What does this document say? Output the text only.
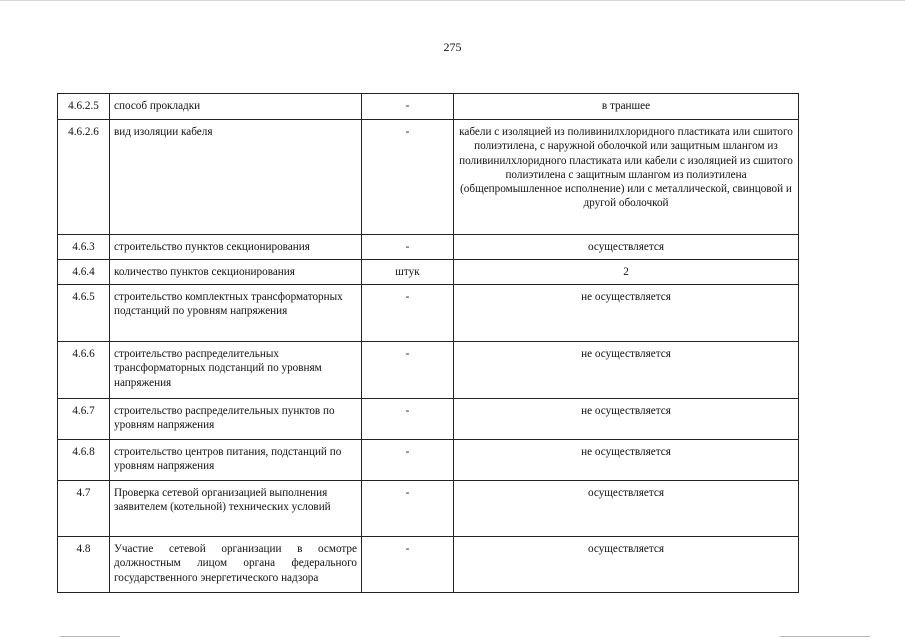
275
4.6.2.5	способ прокладки	-	в траншее
4.6.2.6	вид изоляции кабеля	-	кабели с изоляцией из поливинилхлоридного пластиката или сшитого полиэтилена, с наружной оболочкой или защитным шлангом из поливинилхлоридного пластиката или кабели с изоляцией из сшитого полиэтилена с защитным шлангом из полиэтилена (общепромышленное исполнение) или с металлической, свинцовой и другой оболочкой
4.6.3	строительство пунктов секционирования	-	осуществляется
4.6.4	количество пунктов секционирования	штук	2
4.6.5	строительство комплектных трансформаторных подстанций по уровням напряжения	-	не осуществляется
4.6.6	строительство распределительных трансформаторных подстанций по уровням напряжения	-	не осуществляется
4.6.7	строительство распределительных пунктов по уровням напряжения	-	не осуществляется
4.6.8	строительство центров питания, подстанций по уровням напряжения	-	не осуществляется
4.7	Проверка сетевой организацией выполнения заявителем (котельной) технических условий	-	осуществляется
4.8	Участие сетевой организации в осмотре должностным лицом органа федерального государственного энергетического надзора	-	осуществляется
